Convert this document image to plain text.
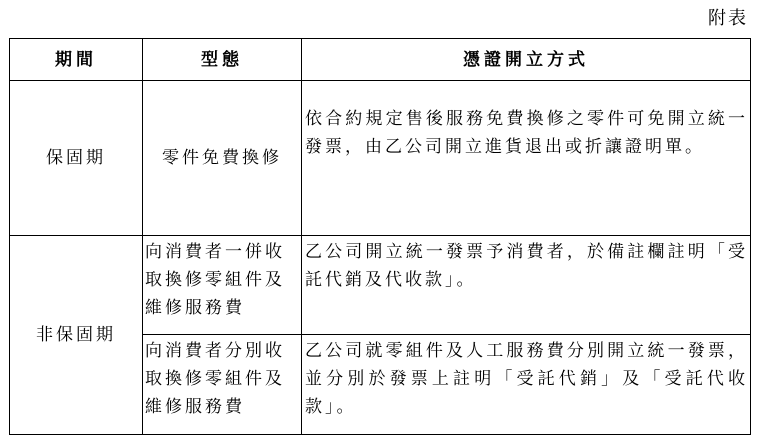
附表
期間	型態	憑證開立方式
保固期	零件免費換修	依合約規定售後服務免費換修之零件可免開立統一發票，由乙公司開立進貨退出或折讓證明單。
非保固期	向消費者一併收取換修零組件及維修服務費	乙公司開立統一發票予消費者，於備註欄註明「受託代銷及代收款」。
	向消費者分別收取換修零組件及維修服務費	乙公司就零組件及人工服務費分別開立統一發票，並分別於發票上註明「受託代銷」及「受託代收款」。
